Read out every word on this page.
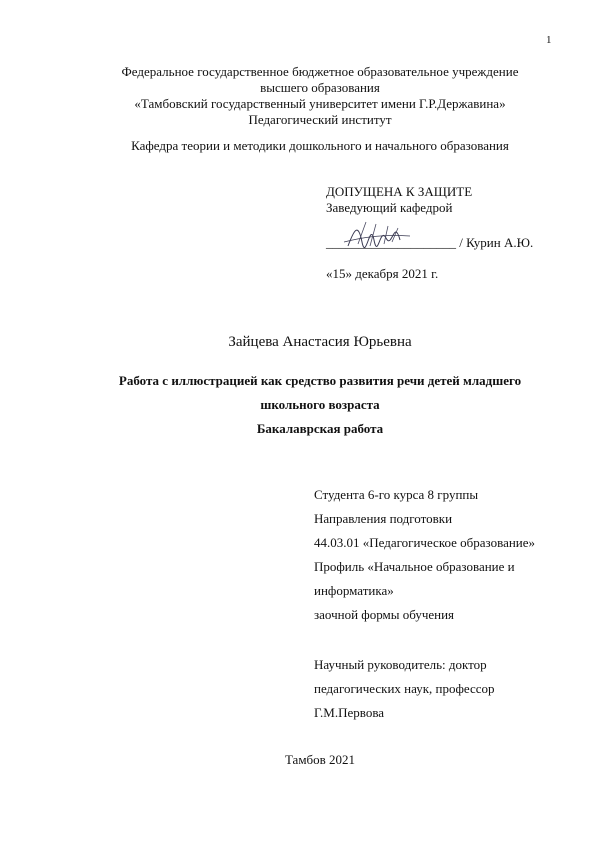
1
Федеральное государственное бюджетное образовательное учреждение
высшего образования
«Тамбовский государственный университет имени Г.Р.Державина»
Педагогический институт
Кафедра теории и методики дошкольного и начального образования
ДОПУЩЕНА К ЗАЩИТЕ
Заведующий кафедрой
____________________ / Курин А.Ю.
«15» декабря 2021 г.
Зайцева Анастасия Юрьевна
Работа с иллюстрацией как средство развития речи детей младшего
школьного возраста
Бакалаврская работа
Студента 6-го курса 8 группы
Направления подготовки
44.03.01 «Педагогическое образование»
Профиль «Начальное образование и
информатика»
заочной формы обучения
Научный руководитель: доктор
педагогических наук, профессор
Г.М.Первова
Тамбов 2021
